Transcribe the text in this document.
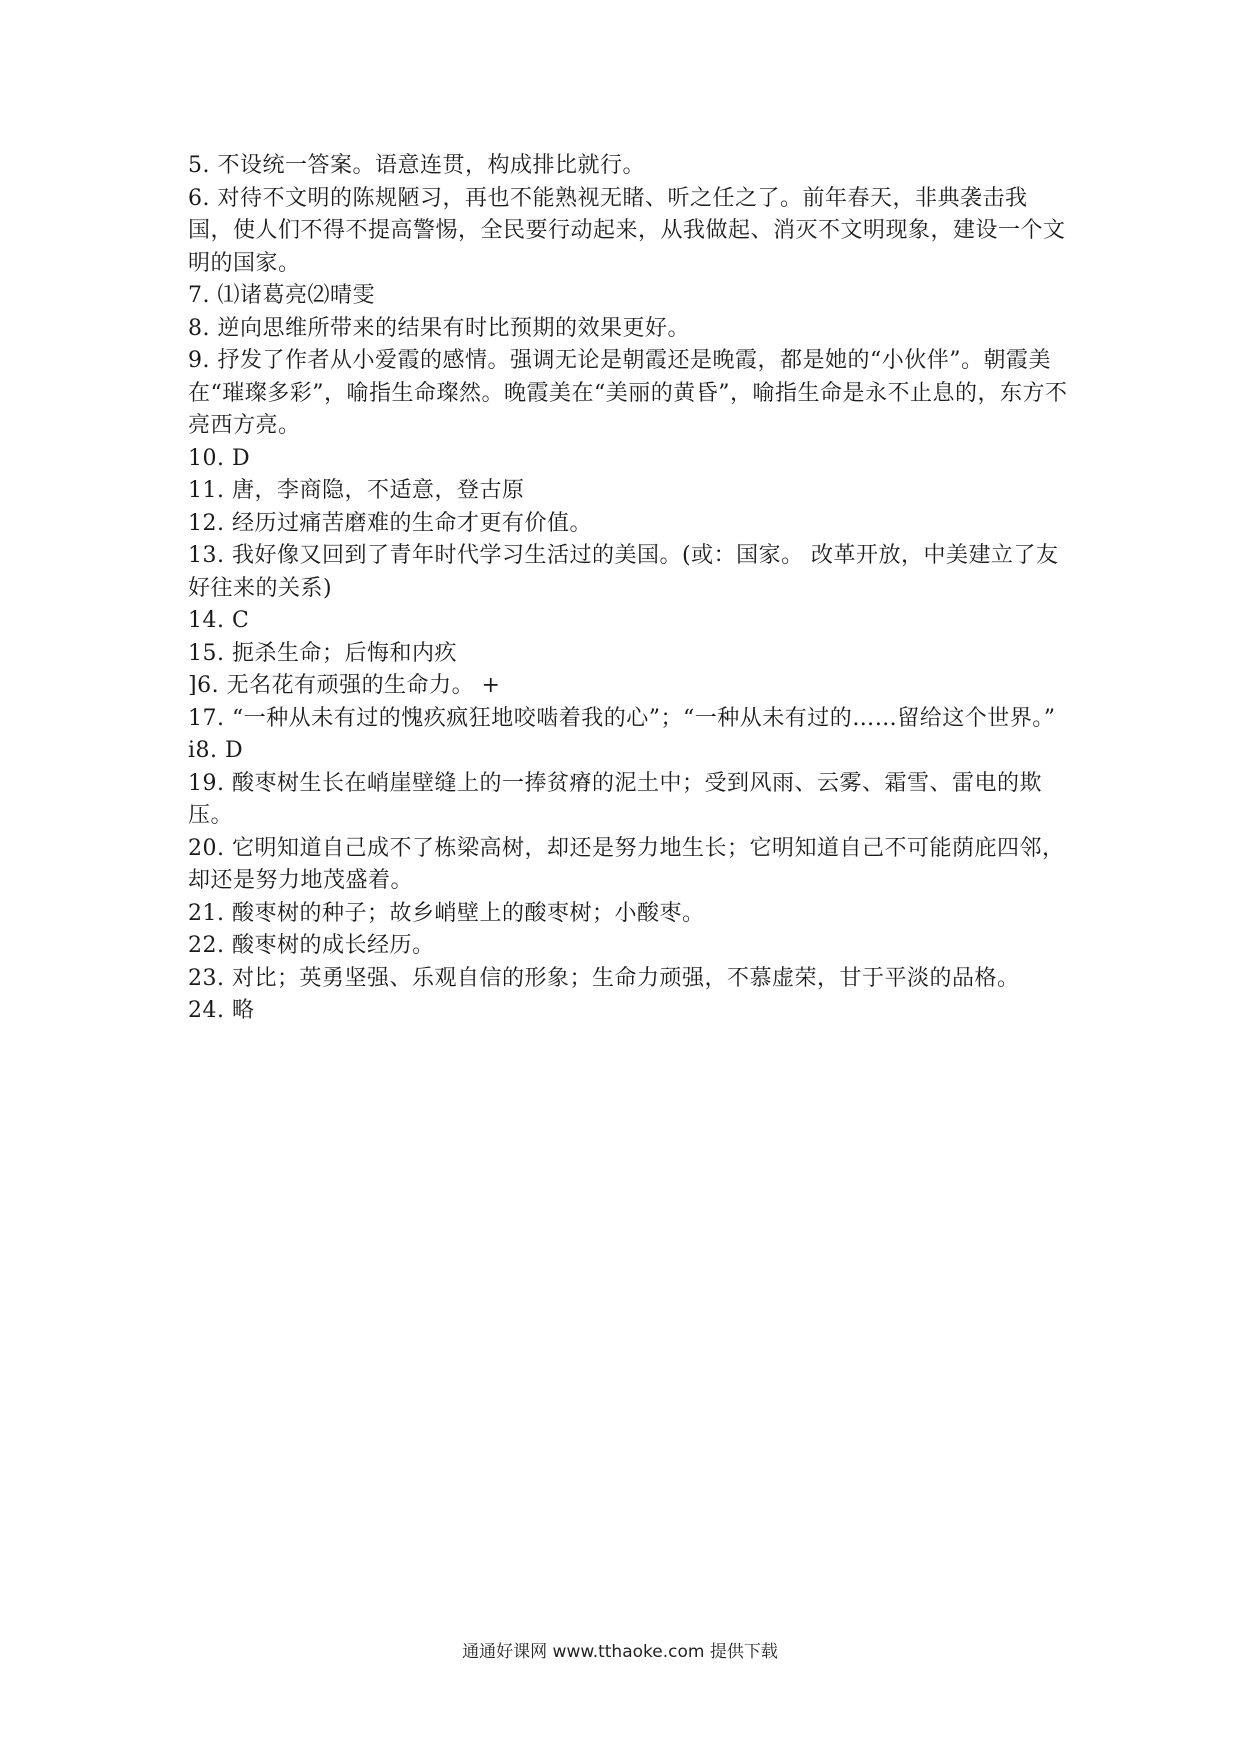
5. 不设统一答案。语意连贯，构成排比就行。
6. 对待不文明的陈规陋习，再也不能熟视无睹、听之任之了。前年春天，非典袭击我国，使人们不得不提高警惕，全民要行动起来，从我做起、消灭不文明现象，建设一个文明的国家。
7. ⑴诸葛亮⑵晴雯
8. 逆向思维所带来的结果有时比预期的效果更好。
9. 抒发了作者从小爱霞的感情。强调无论是朝霞还是晚霞，都是她的“小伙伴”。朝霞美在“璀璨多彩”，喻指生命璨然。晚霞美在“美丽的黄昏”，喻指生命是永不止息的，东方不亮西方亮。
10. D
11. 唐，李商隐，不适意，登古原
12. 经历过痛苦磨难的生命才更有价值。
13. 我好像又回到了青年时代学习生活过的美国。(或：国家。 改革开放，中美建立了友好往来的关系)
14. C
15. 扼杀生命；后悔和内疚
]6. 无名花有顽强的生命力。 +
17. “一种从未有过的愧疚疯狂地咬啮着我的心”；“一种从未有过的……留给这个世界。”
i8. D
19. 酸枣树生长在峭崖壁缝上的一捧贫瘠的泥土中；受到风雨、云雾、霜雪、雷电的欺压。
20. 它明知道自己成不了栋梁高树，却还是努力地生长；它明知道自己不可能荫庇四邻，却还是努力地茂盛着。
21. 酸枣树的种子；故乡峭壁上的酸枣树；小酸枣。
22. 酸枣树的成长经历。
23. 对比；英勇坚强、乐观自信的形象；生命力顽强，不慕虚荣，甘于平淡的品格。
24. 略
通通好课网 www.tthaoke.com 提供下载
